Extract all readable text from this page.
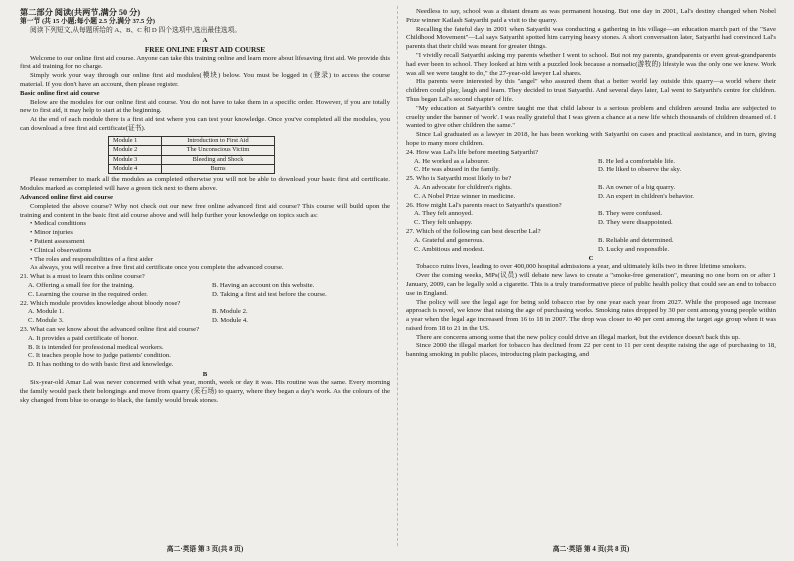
第二部分 阅读(共两节,满分 50 分)

第一节 (共 15 小题;每小题 2.5 分,满分 37.5 分)

阅读下列短文,从每题所给的 A、B、C 和 D 四个选项中,选出最佳选项。

A

FREE ONLINE FIRST AID COURSE

Welcome to our online first aid course. Anyone can take this training online and learn more about lifesaving first aid. We provide this first aid training for no charge.

Simply work your way through our online first aid modules(模块) below. You must be logged in (登录) to access the course material. If you don't have an account, then please register.

Basic online first aid course

Below are the modules for our online first aid course. You do not have to take them in a specific order. However, if you are totally new to first aid, it may help to start at the beginning.

At the end of each module there is a first aid test where you can test your knowledge. Once you've completed all the modules, you can download a free first aid certificate(证书).

Module 1	Introduction to First Aid
Module 2	The Unconscious Victim
Module 3	Bleeding and Shock
Module 4	Burns

Please remember to mark all the modules as completed otherwise you will not be able to download your basic first aid certificate. Modules marked as completed will have a green tick next to them above.

Advanced online first aid course

Completed the above course? Why not check out our new free online advanced first aid course? This course will build upon the training and content in the basic first aid course above and will help further your knowledge on topics such as:

• Medical conditions

• Minor injuries

• Patient assessment

• Clinical observations

• The roles and responsibilities of a first aider

As always, you will receive a free first aid certificate once you complete the advanced course.

21. What is a must to learn this online course?

A. Offering a small fee for the training.	B. Having an account on this website.
C. Learning the course in the required order.	D. Taking a first aid test before the course.

22. Which module provides knowledge about bloody nose?

A. Module 1.	B. Module 2.
C. Module 3.	D. Module 4.

23. What can we know about the advanced online first aid course?

A. It provides a paid certificate of honor.
B. It is intended for professional medical workers.
C. It teaches people how to judge patients' condition.
D. It has nothing to do with basic first aid knowledge.

B

Six-year-old Amar Lal was never concerned with what year, month, week or day it was. His routine was the same. Every morning the family would pack their belongings and move from quarry (采石场) to quarry, where they began a day's work. As the colours of the sky changed from blue to orange to black, the family would break stones.

高二·英语 第 3 页(共 8 页)

Needless to say, school was a distant dream as was permanent housing. But one day in 2001, Lal's destiny changed when Nobel Prize winner Kailash Satyarthi paid a visit to the quarry.

Recalling the fateful day in 2001 when Satyarthi was conducting a gathering in his village—an education march part of the "Save Childhood Movement"—Lal says Satyarthi spotted him carrying heavy stones. A short conversation later, Satyarthi had convinced Lal's parents that their child was meant for greater things.

"I vividly recall Satyarthi asking my parents whether I went to school. But not my parents, grandparents or even great-grandparents had ever been to school. They looked at him with a puzzled look because a nomadic(游牧的) lifestyle was the only one we knew. Work was all we were taught to do," the 27-year-old lawyer Lal shares.

His parents were interested by this "angel" who assured them that a better world lay outside this quarry—a world where their children could play, laugh and learn. They decided to trust Satyarthi. And several days later, Lal went to Satyarthi's centre for children. Thus began Lal's second chapter of life.

"My education at Satyarthi's centre taught me that child labour is a serious problem and children around India are subjected to cruelty under the banner of 'work'. I was really grateful that I was given a chance at a new life which thousands of children dreamed of. I wanted to give other children the same."

Since Lal graduated as a lawyer in 2018, he has been working with Satyarthi on cases and practical assistance, and in turn, giving hope to many more children.

24. How was Lal's life before meeting Satyarthi?

A. He worked as a labourer.	B. He led a comfortable life.
C. He was abused in the family.	D. He liked to observe the sky.

25. Who is Satyarthi most likely to be?

A. An advocate for children's rights.	B. An owner of a big quarry.
C. A Nobel Prize winner in medicine.	D. An expert in children's behavior.

26. How might Lal's parents react to Satyarthi's question?

A. They felt annoyed.	B. They were confused.
C. They felt unhappy.	D. They were disappointed.

27. Which of the following can best describe Lal?

A. Grateful and generous.	B. Reliable and determined.
C. Ambitious and modest.	D. Lucky and responsible.

C

Tobacco ruins lives, leading to over 400,000 hospital admissions a year, and ultimately kills two in three lifetime smokers.

Over the coming weeks, MPs(议员) will debate new laws to create a "smoke-free generation", meaning no one born on or after 1 January, 2009, can be legally sold a cigarette. This is a truly transformative piece of public health policy that could see an end to tobacco use in England.

The policy will see the legal age for being sold tobacco rise by one year each year from 2027. While the proposed age increase approach is novel, we know that raising the age of purchasing works. Smoking rates dropped by 30 per cent among young people within a year when the legal age increased from 16 to 18 in 2007. The drop was closer to 40 per cent among the target age group when it was raised from 18 to 21 in the US.

There are concerns among some that the new policy could drive an illegal market, but the evidence doesn't back this up.

Since 2000 the illegal market for tobacco has declined from 22 per cent to 11 per cent despite raising the age of purchasing to 18, banning smoking in public places, introducing plain packaging, and

高二·英语 第 4 页(共 8 页)
